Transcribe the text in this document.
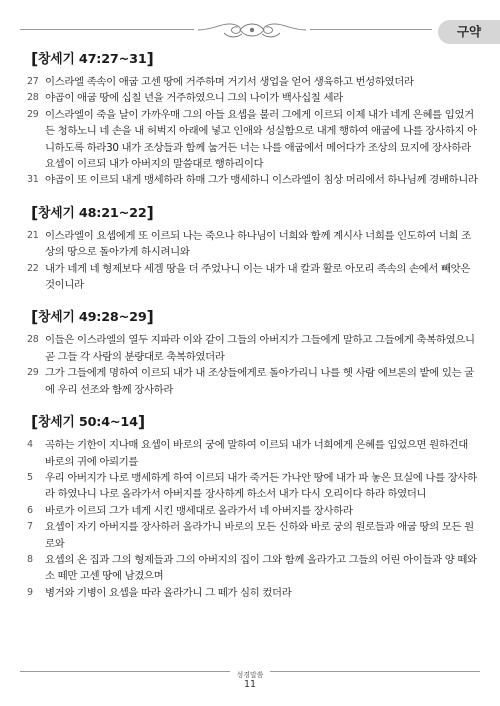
구약
[창세기 47:27~31]
27 이스라엘 족속이 애굽 고센 땅에 거주하며 거기서 생업을 얻어 생육하고 번성하였더라
28 야곱이 애굽 땅에 십칠 년을 거주하였으니 그의 나이가 백사십칠 세라
29 이스라엘이 죽을 날이 가까우매 그의 아들 요셉을 불러 그에게 이르되 이제 내가 네게 은혜를 입었거든 청하노니 네 손을 내 허벅지 아래에 넣고 인애와 성실함으로 내게 행하여 애굽에 나를 장사하지 아니하도록 하라30 내가 조상들과 함께 눕거든 너는 나를 애굽에서 메어다가 조상의 묘지에 장사하라 요셉이 이르되 내가 아버지의 말씀대로 행하리이다
31 야곱이 또 이르되 내게 맹세하라 하매 그가 맹세하니 이스라엘이 침상 머리에서 하나님께 경배하니라
[창세기 48:21~22]
21 이스라엘이 요셉에게 또 이르되 나는 죽으나 하나님이 너희와 함께 계시사 너희를 인도하여 너희 조상의 땅으로 돌아가게 하시려니와
22 내가 네게 네 형제보다 세겜 땅을 더 주었나니 이는 내가 내 칼과 활로 아모리 족속의 손에서 빼앗은 것이니라
[창세기 49:28~29]
28 이들은 이스라엘의 열두 지파라 이와 같이 그들의 아버지가 그들에게 말하고 그들에게 축복하였으니 곧 그들 각 사람의 분량대로 축복하였더라
29 그가 그들에게 명하여 이르되 내가 내 조상들에게로 돌아가리니 나를 헷 사람 에브론의 밭에 있는 굴에 우리 선조와 함께 장사하라
[창세기 50:4~14]
4	곡하는 기한이 지나매 요셉이 바로의 궁에 말하여 이르되 내가 너희에게 은혜를 입었으면 원하건대 바로의 귀에 아뢰기를
5	우리 아버지가 나로 맹세하게 하여 이르되 내가 죽거든 가나안 땅에 내가 파 놓은 묘실에 나를 장사하라 하였나니 나로 올라가서 아버지를 장사하게 하소서 내가 다시 오리이다 하라 하였더니
6	바로가 이르되 그가 네게 시킨 맹세대로 올라가서 네 아버지를 장사하라
7	요셉이 자기 아버지를 장사하러 올라가니 바로의 모든 신하와 바로 궁의 원로들과 애굽 땅의 모든 원로와
8	요셉의 온 집과 그의 형제들과 그의 아버지의 집이 그와 함께 올라가고 그들의 어린 아이들과 양 떼와 소 떼만 고센 땅에 남겼으며
9	병거와 기병이 요셉을 따라 올라가니 그 떼가 심히 컸더라
성경말씀
11
